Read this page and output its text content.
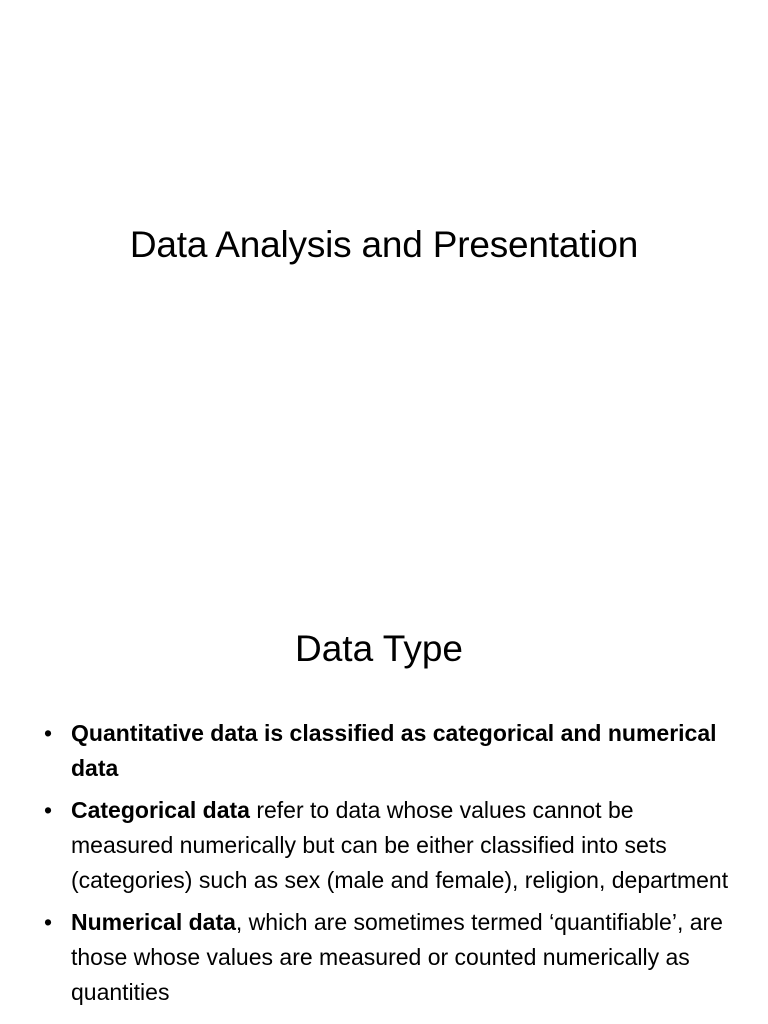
Data Analysis and Presentation
Data Type
• Quantitative data is classified as categorical and numerical data
• Categorical data refer to data whose values cannot be measured numerically but can be either classified into sets (categories) such as sex (male and female), religion, department
• Numerical data, which are sometimes termed ‘quantifiable’, are those whose values are measured or counted numerically as quantities
